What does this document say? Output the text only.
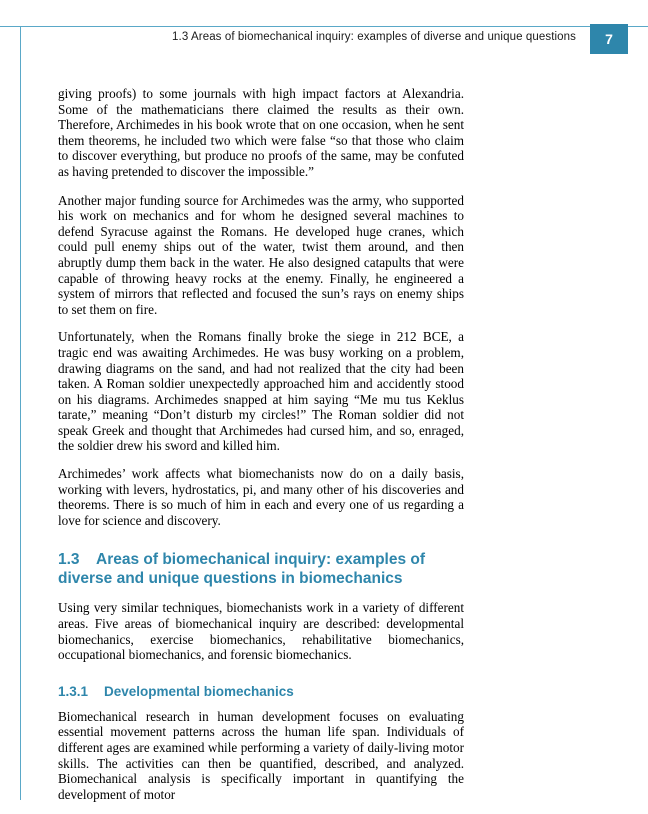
1.3 Areas of biomechanical inquiry: examples of diverse and unique questions	7

giving proofs) to some journals with high impact factors at Alexandria. Some of the mathematicians there claimed the results as their own. Therefore, Archimedes in his book wrote that on one occasion, when he sent them theorems, he included two which were false “so that those who claim to discover everything, but produce no proofs of the same, may be confuted as having pretended to discover the impossible.”

Another major funding source for Archimedes was the army, who supported his work on mechanics and for whom he designed several machines to defend Syracuse against the Romans. He developed huge cranes, which could pull enemy ships out of the water, twist them around, and then abruptly dump them back in the water. He also designed catapults that were capable of throwing heavy rocks at the enemy. Finally, he engineered a system of mirrors that reflected and focused the sun’s rays on enemy ships to set them on fire.

Unfortunately, when the Romans finally broke the siege in 212 BCE, a tragic end was awaiting Archimedes. He was busy working on a problem, drawing diagrams on the sand, and had not realized that the city had been taken. A Roman soldier unexpectedly approached him and accidently stood on his diagrams. Archimedes snapped at him saying “Me mu tus Keklus tarate,” meaning “Don’t disturb my circles!” The Roman soldier did not speak Greek and thought that Archimedes had cursed him, and so, enraged, the soldier drew his sword and killed him.

Archimedes’ work affects what biomechanists now do on a daily basis, working with levers, hydrostatics, pi, and many other of his discoveries and theorems. There is so much of him in each and every one of us regarding a love for science and discovery.

1.3 Areas of biomechanical inquiry: examples of
diverse and unique questions in biomechanics

Using very similar techniques, biomechanists work in a variety of different areas. Five areas of biomechanical inquiry are described: developmental biomechanics, exercise biomechanics, rehabilitative biomechanics, occupational biomechanics, and forensic biomechanics.

1.3.1 Developmental biomechanics

Biomechanical research in human development focuses on evaluating essential movement patterns across the human life span. Individuals of different ages are examined while performing a variety of daily-living motor skills. The activities can then be quantified, described, and analyzed. Biomechanical analysis is specifically important in quantifying the development of motor
